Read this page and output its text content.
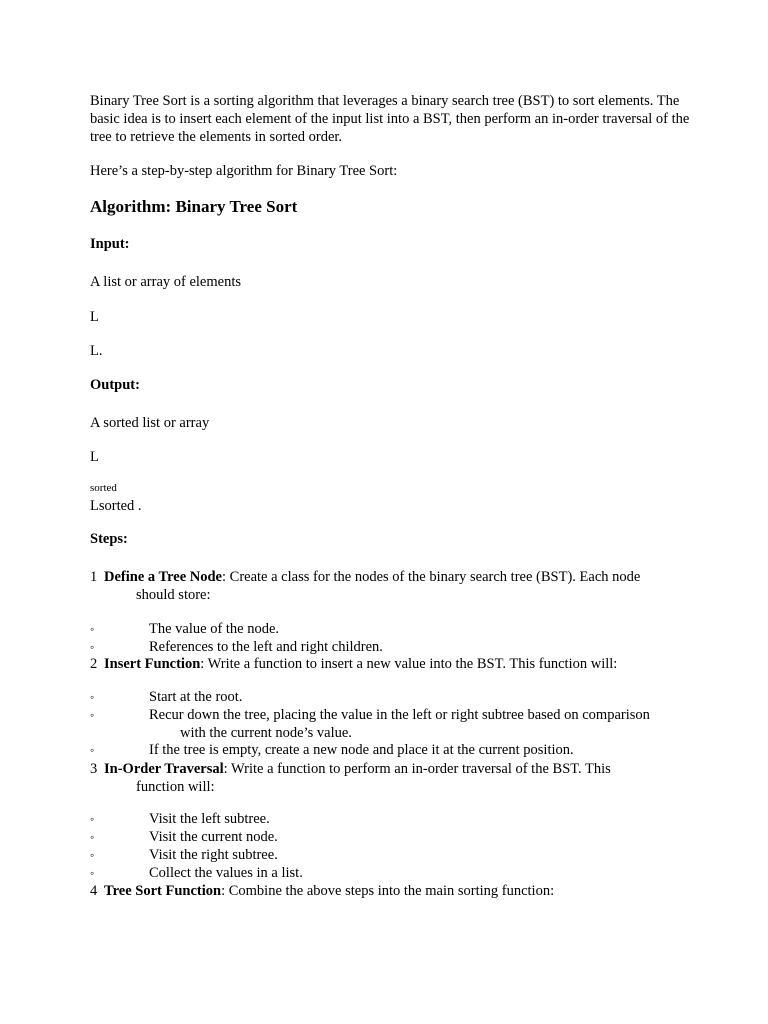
Binary Tree Sort is a sorting algorithm that leverages a binary search tree (BST) to sort elements. The basic idea is to insert each element of the input list into a BST, then perform an in-order traversal of the tree to retrieve the elements in sorted order.

Here’s a step-by-step algorithm for Binary Tree Sort:
Algorithm: Binary Tree Sort
Input:
A list or array of elements
L
L.
Output:
A sorted list or array
L
sorted
Lsorted .
Steps:
1 Define a Tree Node: Create a class for the nodes of the binary search tree (BST). Each node
should store:
◦	The value of the node.
◦	References to the left and right children.
2 Insert Function: Write a function to insert a new value into the BST. This function will:
◦	Start at the root.
◦	Recur down the tree, placing the value in the left or right subtree based on comparison
with the current node’s value.
◦	If the tree is empty, create a new node and place it at the current position.
3 In-Order Traversal: Write a function to perform an in-order traversal of the BST. This
function will:
◦	Visit the left subtree.
◦	Visit the current node.
◦	Visit the right subtree.
◦	Collect the values in a list.
4 Tree Sort Function: Combine the above steps into the main sorting function:
